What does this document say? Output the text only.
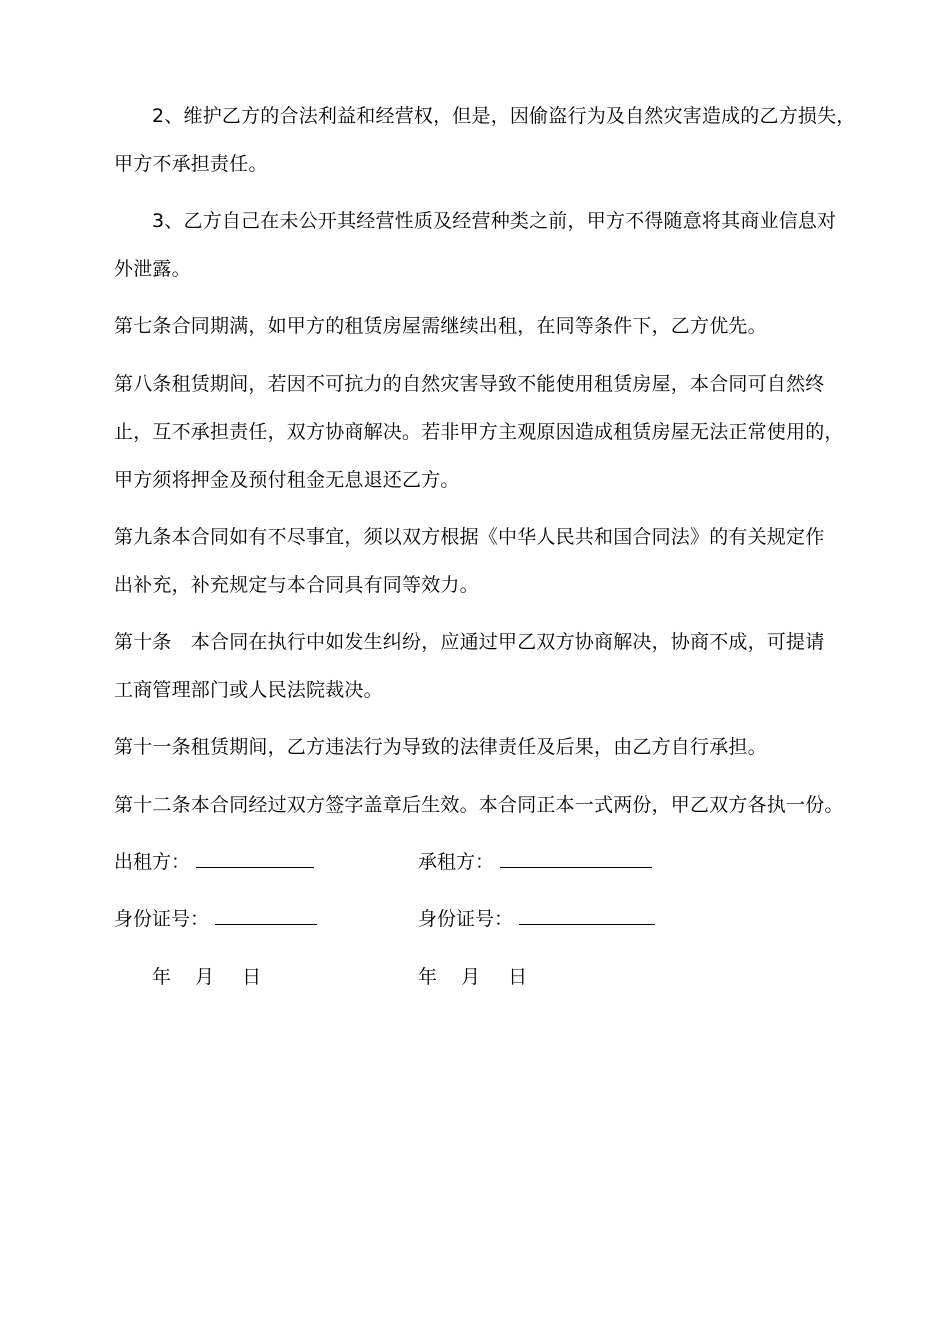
2、维护乙方的合法利益和经营权，但是，因偷盗行为及自然灾害造成的乙方损失，
甲方不承担责任。
3、乙方自己在未公开其经营性质及经营种类之前，甲方不得随意将其商业信息对
外泄露。
第七条合同期满，如甲方的租赁房屋需继续出租，在同等条件下，乙方优先。
第八条租赁期间，若因不可抗力的自然灾害导致不能使用租赁房屋，本合同可自然终
止，互不承担责任，双方协商解决。若非甲方主观原因造成租赁房屋无法正常使用的，
甲方须将押金及预付租金无息退还乙方。
第九条本合同如有不尽事宜，须以双方根据《中华人民共和国合同法》的有关规定作
出补充，补充规定与本合同具有同等效力。
第十条　本合同在执行中如发生纠纷，应通过甲乙双方协商解决，协商不成，可提请
工商管理部门或人民法院裁决。
第十一条租赁期间，乙方违法行为导致的法律责任及后果，由乙方自行承担。
第十二条本合同经过双方签字盖章后生效。本合同正本一式两份，甲乙双方各执一份。
出租方：	承租方：
身份证号：	身份证号：
年 月 日	年 月 日
